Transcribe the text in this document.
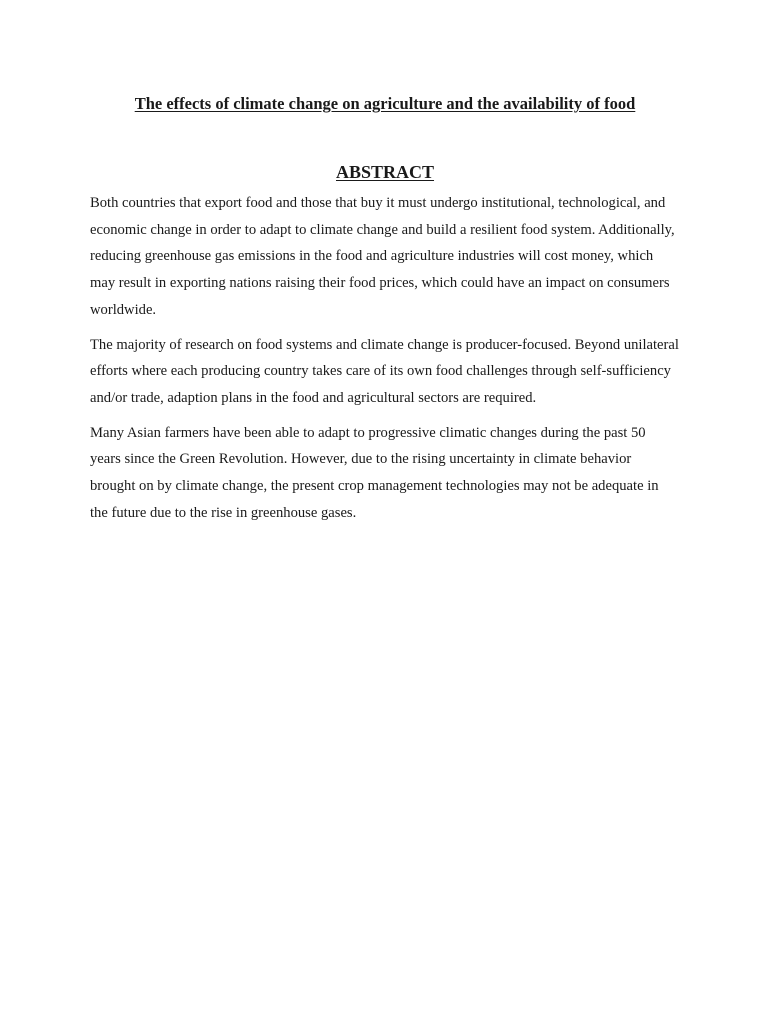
The effects of climate change on agriculture and the availability of food
ABSTRACT

Both countries that export food and those that buy it must undergo institutional, technological, and economic change in order to adapt to climate change and build a resilient food system. Additionally, reducing greenhouse gas emissions in the food and agriculture industries will cost money, which may result in exporting nations raising their food prices, which could have an impact on consumers worldwide.

The majority of research on food systems and climate change is producer-focused. Beyond unilateral efforts where each producing country takes care of its own food challenges through self-sufficiency and/or trade, adaption plans in the food and agricultural sectors are required.

Many Asian farmers have been able to adapt to progressive climatic changes during the past 50 years since the Green Revolution. However, due to the rising uncertainty in climate behavior brought on by climate change, the present crop management technologies may not be adequate in the future due to the rise in greenhouse gases.
